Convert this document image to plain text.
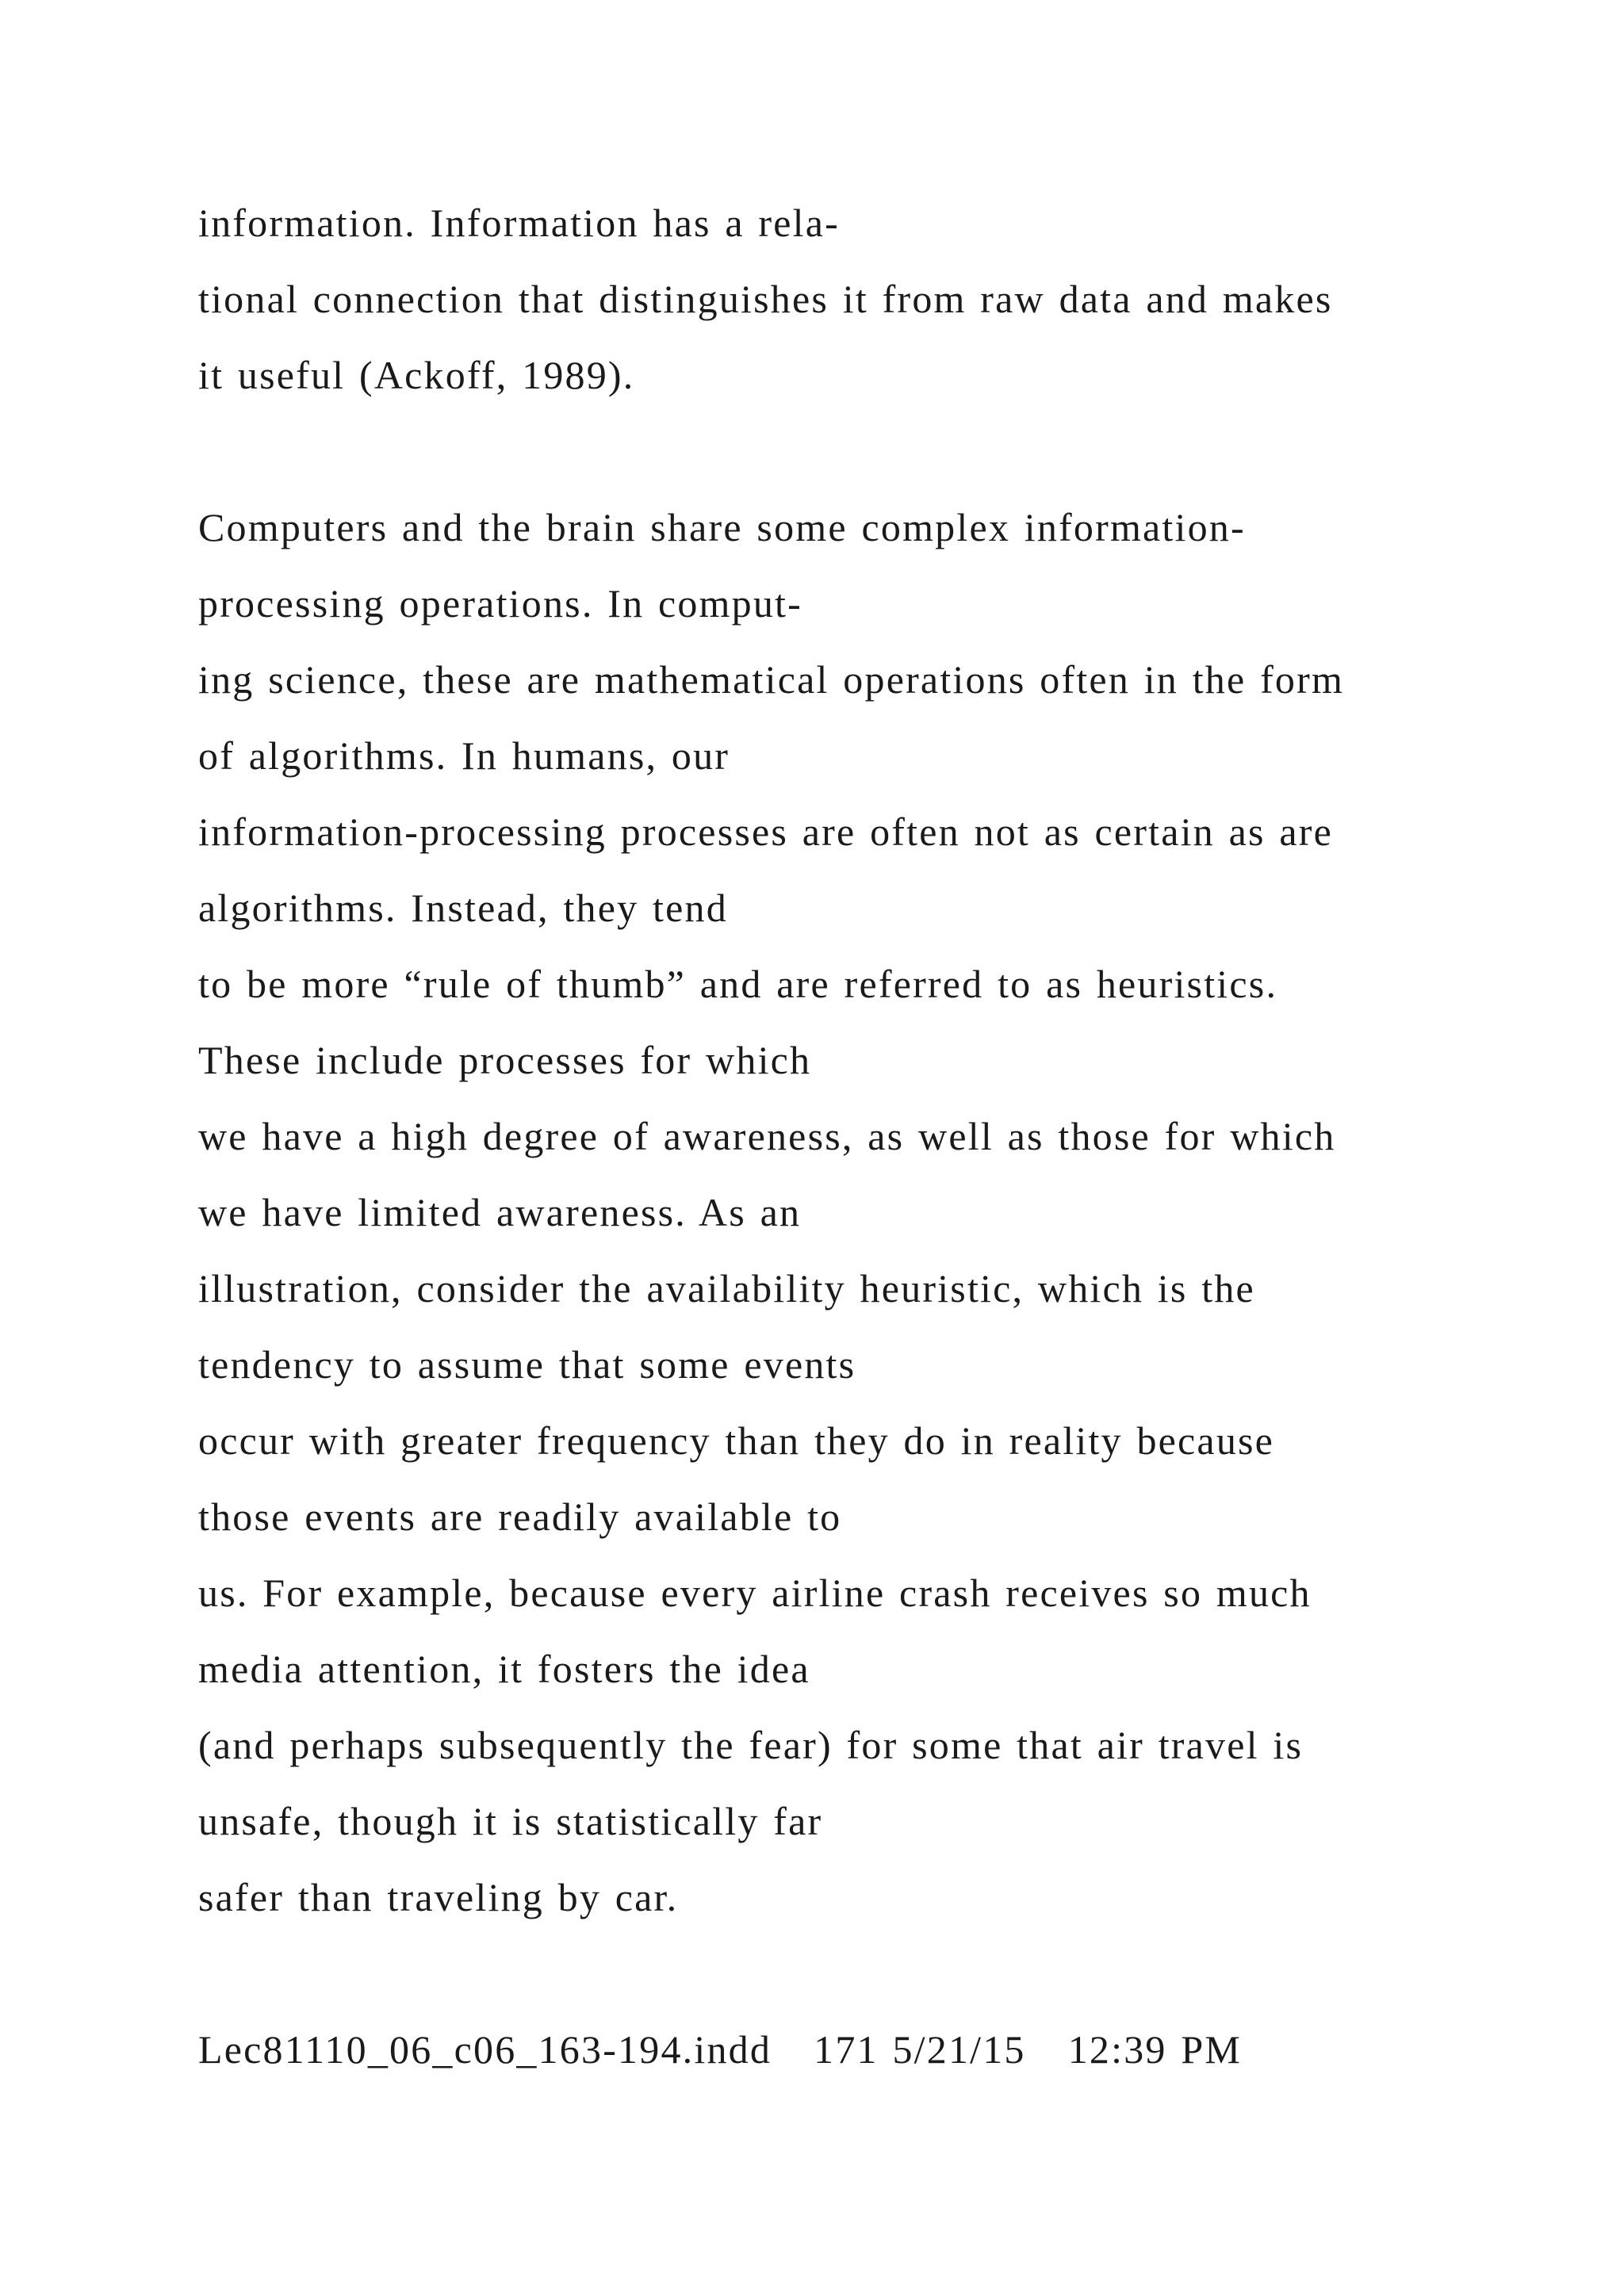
information. Information has a rela-
tional connection that distinguishes it from raw data and makes
it useful (Ackoff, 1989).
Computers and the brain share some complex information-
processing operations. In comput-
ing science, these are mathematical operations often in the form
of algorithms. In humans, our
information-processing processes are often not as certain as are
algorithms. Instead, they tend
to be more “rule of thumb” and are referred to as heuristics.
These include processes for which
we have a high degree of awareness, as well as those for which
we have limited awareness. As an
illustration, consider the availability heuristic, which is the
tendency to assume that some events
occur with greater frequency than they do in reality because
those events are readily available to
us. For example, because every airline crash receives so much
media attention, it fosters the idea
(and perhaps subsequently the fear) for some that air travel is
unsafe, though it is statistically far
safer than traveling by car.
Lec81110_06_c06_163-194.indd   171 5/21/15   12:39 PM
